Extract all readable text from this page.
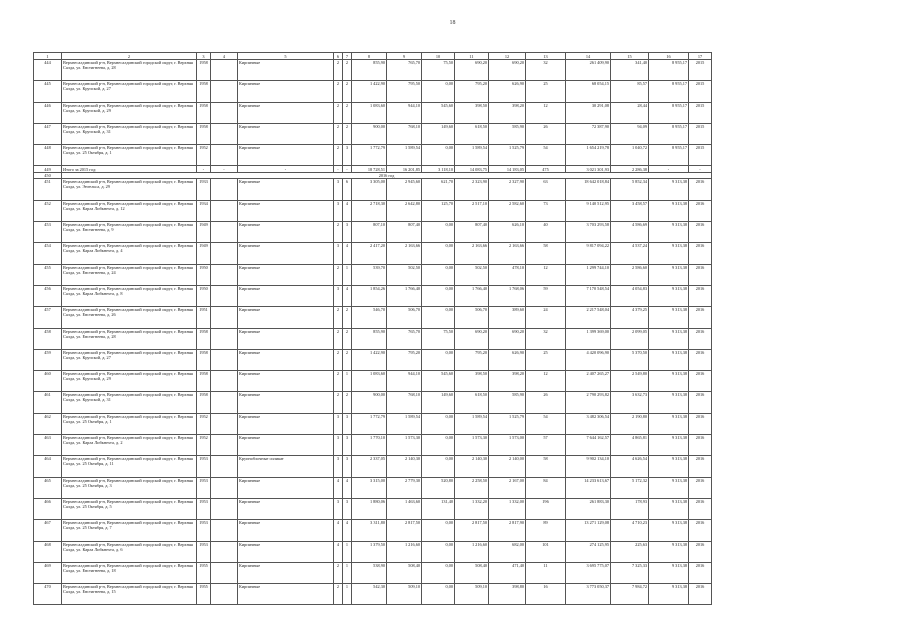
18
1	2	3	4	5	6	7	8	9	10	11	12	13	14	15	16	17
444	Верхнесалдинский р-н, Верхнесалдинский городской округ, г. Верхняя Салда, ул. Евстигнеева, д. 28	1958		Кирпичные	2	2	855,90	765,70	75,50	690,20	690,20	32	261 409,90	341,40	8 955,17	2015
445	Верхнесалдинский р-н, Верхнесалдинский городской округ, г. Верхняя Салда, ул. Крупской, д. 27	1958		Кирпичные	2	2	1 422,90	795,50	0,00	795,20	626,90	25	68 054,15	85,57	8 955,17	2015
446	Верхнесалдинский р-н, Верхнесалдинский городской округ, г. Верхняя Салда, ул. Крупской, д. 29	1958		Кирпичные	2	2	1 083,60	944,10	545,60	398,50	398,20	12	30 291,08	28,44	8 955,17	2015
447	Верхнесалдинский р-н, Верхнесалдинский городской округ, г. Верхняя Салда, ул. Крупской, д. 31	1958		Кирпичные	2	2	900,00	768,10	149,60	618,50	585,90	26	72 387,90	94,09	8 955,17	2015
448	Верхнесалдинский р-н, Верхнесалдинский городской округ, г. Верхняя Салда, ул. 25 Октября, д. 1	1952		Кирпичные	2	3	1 772,79	1 589,54	0,00	1 589,54	1 525,79	54	1 654 219,78	1 040,72	8 955,17	2015
449	Итого за 2015 год:	-	-	-	-	-	18 728,51	16 201,85	3 118,10	14 083,75	14 183,05	475	3 021 301,93	2 286,38	-	-
450	2016 год															
451	Верхнесалдинский р-н, Верхнесалдинский городской округ, г. Верхняя Салда, ул. Энгельса, д. 29	1933		Кирпичные	3	6	3 305,00	2 945,60	621,70	2 323,90	2 327,90	63	18 642 018,84	5 852,34	9 313,38	2016
452	Верхнесалдинский р-н, Верхнесалдинский городской округ, г. Верхняя Салда, ул. Карла Либкнехта, д. 12	1934		Кирпичные	3	4	2 718,30	2 642,80	125,70	2 517,10	2 582,60	73	9 140 512,95	3 458,57	9 313,38	2016
453	Верхнесалдинский р-н, Верхнесалдинский городской округ, г. Верхняя Салда, ул. Евстигнеева, д. 9	1949		Кирпичные	2	3	807,10	807,40	0,00	807,40	626,10	40	3 703 293,58	4 586,69	9 313,38	2016
454	Верхнесалдинский р-н, Верхнесалдинский городской округ, г. Верхняя Салда, ул. Карла Либкнехта, д. 4	1949		Кирпичные	3	4	2 417,20	2 163,66	0,00	2 163,66	2 163,66	58	9 817 094,22	4 537,24	9 313,38	2016
455	Верхнесалдинский р-н, Верхнесалдинский городской округ, г. Верхняя Салда, ул. Евстигнеева, д. 24	1950		Кирпичные	2	1	539,70	502,50	0,00	502,50	478,10	12	1 299 744,10	2 586,60	9 313,38	2016
456	Верхнесалдинский р-н, Верхнесалдинский городской округ, г. Верхняя Салда, ул. Карла Либкнехта, д. 8	1950		Кирпичные	3	4	1 854,26	1 766,40	0,00	1 766,40	1 768,06	59	7 170 548,54	4 054,83	9 313,38	2016
457	Верхнесалдинский р-н, Верхнесалдинский городской округ, г. Верхняя Салда, ул. Евстигнеева, д. 26	1951		Кирпичные	2	2	546,70	506,70	0,00	506,70	389,60	24	2 217 548,04	4 379,25	9 313,38	2016
458	Верхнесалдинский р-н, Верхнесалдинский городской округ, г. Верхняя Салда, ул. Евстигнеева, д. 28	1958		Кирпичные	2	2	855,90	765,70	75,50	690,20	690,20	32	1 399 369,00	2 099,05	9 313,38	2016
459	Верхнесалдинский р-н, Верхнесалдинский городской округ, г. Верхняя Салда, ул. Крупской, д. 27	1958		Кирпичные	2	2	1 422,90	795,20	0,00	795,20	626,90	25	4 420 096,90	5 370,50	9 313,38	2016
460	Верхнесалдинский р-н, Верхнесалдинский городской округ, г. Верхняя Салда, ул. Крупской, д. 29	1958		Кирпичные	2	1	1 083,60	944,10	545,60	398,50	398,20	12	2 407 265,27	2 549,80	9 313,38	2016
461	Верхнесалдинский р-н, Верхнесалдинский городской округ, г. Верхняя Салда, ул. Крупской, д. 31	1958		Кирпичные	2	2	900,00	768,10	149,60	618,50	585,90	26	2 790 293,82	3 632,73	9 313,38	2016
462	Верхнесалдинский р-н, Верхнесалдинский городской округ, г. Верхняя Салда, ул. 25 Октября, д. 1	1952		Кирпичные	3	3	1 772,79	1 589,54	0,00	1 589,54	1 525,79	54	3 482 306,54	2 190,80	9 313,38	2016
463	Верхнесалдинский р-н, Верхнесалдинский городской округ, г. Верхняя Салда, ул. Карла Либкнехта, д. 2	1952		Кирпичные	3	3	1 770,10	1 573,30	0,00	1 573,30	1 573,00	57	7 644 162,57	4 865,81	9 313,38	2016
464	Верхнесалдинский р-н, Верхнесалдинский городской округ, г. Верхняя Салда, ул. 25 Октября, д. 11	1953		Крупноблочные силикат	3	3	2 337,05	2 140,30	0,00	2 140,30	2 140,00	58	9 902 134,10	4 626,54	9 313,38	2016
465	Верхнесалдинский р-н, Верхнесалдинский городской округ, г. Верхняя Салда, ул. 25 Октября, д. 3	1953		Кирпичные	4	4	3 315,00	2 779,30	520,80	2 258,50	2 167,00	84	14 233 613,67	5 172,32	9 313,38	2016
466	Верхнесалдинский р-н, Верхнесалдинский городской округ, г. Верхняя Салда, ул. 25 Октября, д. 5	1953		Кирпичные	3	3	1 880,06	1 463,60	131,40	1 332,20	1 332,00	196	261 883,30	178,93	9 313,38	2016
467	Верхнесалдинский р-н, Верхнесалдинский городской округ, г. Верхняя Салда, ул. 25 Октября, д. 7	1953		Кирпичные	4	4	3 311,80	2 817,50	0,00	2 817,50	2 817,90	89	13 271 129,08	4 710,23	9 313,38	2016
468	Верхнесалдинский р-н, Верхнесалдинский городской округ, г. Верхняя Салда, ул. Карла Либкнехта, д. 6	1953		Кирпичные	4	1	1 379,50	1 216,60	0,00	1 216,60	682,00	101	274 125,95	225,63	9 313,38	2016
469	Верхнесалдинский р-н, Верхнесалдинский городской округ, г. Верхняя Салда, ул. Евстигнеева, д. 18	1955		Кирпичные	2	1	538,90	508,40	0,00	508,40	471,40	11	3 695 775,07	7 325,33	9 313,38	2016
470	Верхнесалдинский р-н, Верхнесалдинский городской округ, г. Верхняя Салда, ул. Евстигнеева, д. 15	1955		Кирпичные	2	1	542,30	509,10	0,00	509,10	398,80	16	3 773 050,37	7 984,72	9 313,38	2016
